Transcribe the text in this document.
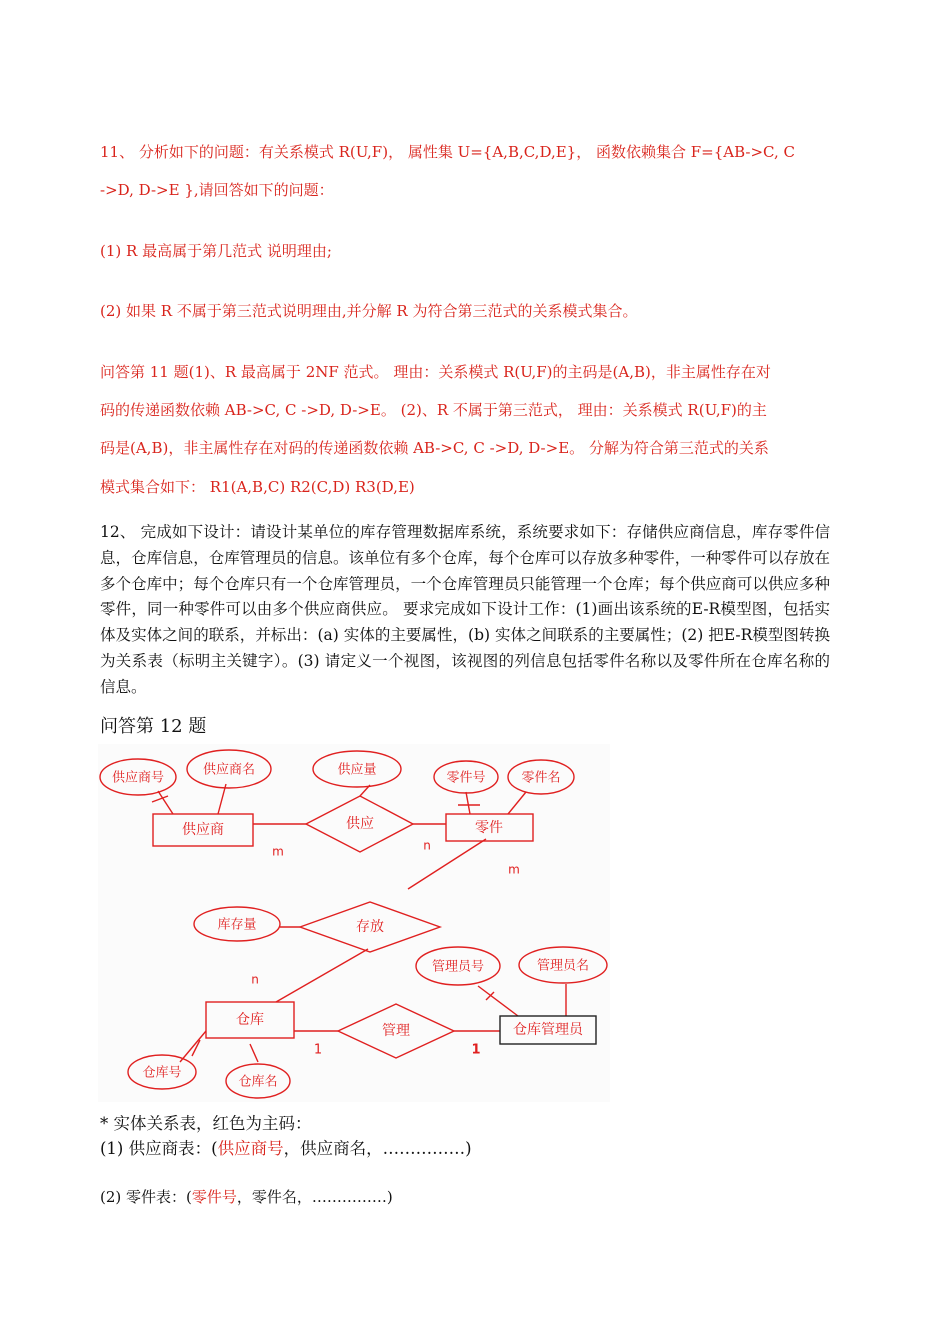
11、 分析如下的问题：有关系模式 R(U,F)， 属性集 U={A,B,C,D,E}， 函数依赖集合 F={AB->C, C
->D, D->E },请回答如下的问题：
(1) R 最高属于第几范式 说明理由;
(2) 如果 R 不属于第三范式说明理由,并分解 R 为符合第三范式的关系模式集合。
问答第 11 题(1)、R 最高属于 2NF 范式。 理由：关系模式 R(U,F)的主码是(A,B)，非主属性存在对
码的传递函数依赖 AB->C, C ->D, D->E。 (2)、R 不属于第三范式， 理由：关系模式 R(U,F)的主
码是(A,B)，非主属性存在对码的传递函数依赖 AB->C, C ->D, D->E。 分解为符合第三范式的关系
模式集合如下： R1(A,B,C) R2(C,D) R3(D,E)
12、 完成如下设计：请设计某单位的库存管理数据库系统，系统要求如下：存储供应商信息，库存零件信息，仓库信息，仓库管理员的信息。该单位有多个仓库，每个仓库可以存放多种零件，一种零件可以存放在多个仓库中；每个仓库只有一个仓库管理员，一个仓库管理员只能管理一个仓库；每个供应商可以供应多种零件，同一种零件可以由多个供应商供应。 要求完成如下设计工作：(1)画出该系统的E-R模型图，包括实体及实体之间的联系，并标出：(a) 实体的主要属性，(b) 实体之间联系的主要属性；(2) 把E-R模型图转换为关系表（标明主关键字）。(3) 请定义一个视图，该视图的列信息包括零件名称以及零件所在仓库名称的信息。
问答第 12 题
供应商	零件
仓库
仓库管理员
供应
存放
管理
供应商号
供应商名	供应量
零件号	零件名
库存量
管理员号	管理员名
仓库号
仓库名
m	n
m
n
1	1
* 实体关系表，红色为主码：
(1) 供应商表：(供应商号，供应商名，……………)
(2) 零件表：(零件号，零件名，……………)
